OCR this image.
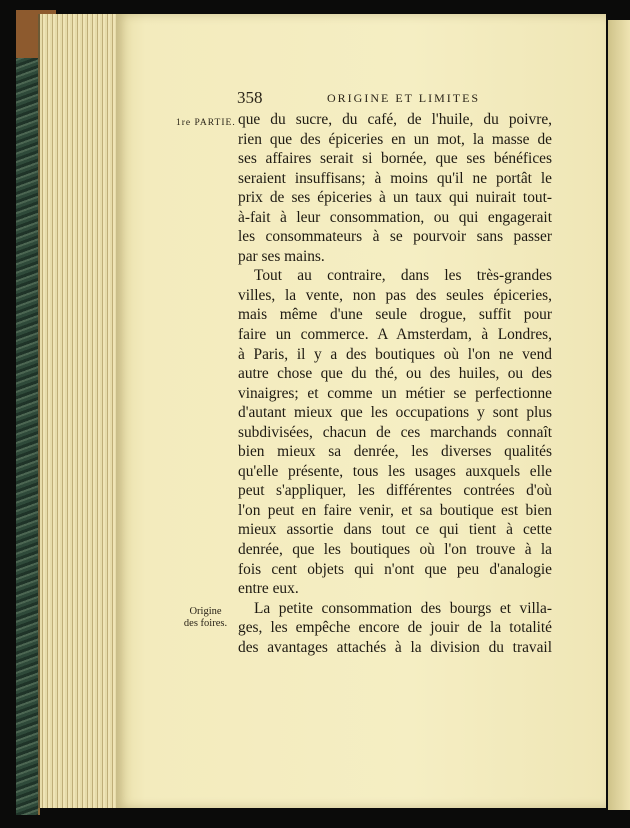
358	ORIGINE ET LIMITES
1re PARTIE.
Origine
des foires.
que du sucre, du café, de l'huile, du poivre,
rien que des épiceries en un mot, la masse de
ses affaires serait si bornée, que ses bénéfices
seraient insuffisans; à moins qu'il ne portât le
prix de ses épiceries à un taux qui nuirait tout-
à-fait à leur consommation, ou qui engagerait
les consommateurs à se pourvoir sans passer
par ses mains.
Tout au contraire, dans les très-grandes
villes, la vente, non pas des seules épiceries,
mais même d'une seule drogue, suffit pour
faire un commerce. A Amsterdam, à Londres,
à Paris, il y a des boutiques où l'on ne vend
autre chose que du thé, ou des huiles, ou des
vinaigres; et comme un métier se perfectionne
d'autant mieux que les occupations y sont plus
subdivisées, chacun de ces marchands connaît
bien mieux sa denrée, les diverses qualités
qu'elle présente, tous les usages auxquels elle
peut s'appliquer, les différentes contrées d'où
l'on peut en faire venir, et sa boutique est bien
mieux assortie dans tout ce qui tient à cette
denrée, que les boutiques où l'on trouve à la
fois cent objets qui n'ont que peu d'analogie
entre eux.
La petite consommation des bourgs et villa-
ges, les empêche encore de jouir de la totalité
des avantages attachés à la division du travail
